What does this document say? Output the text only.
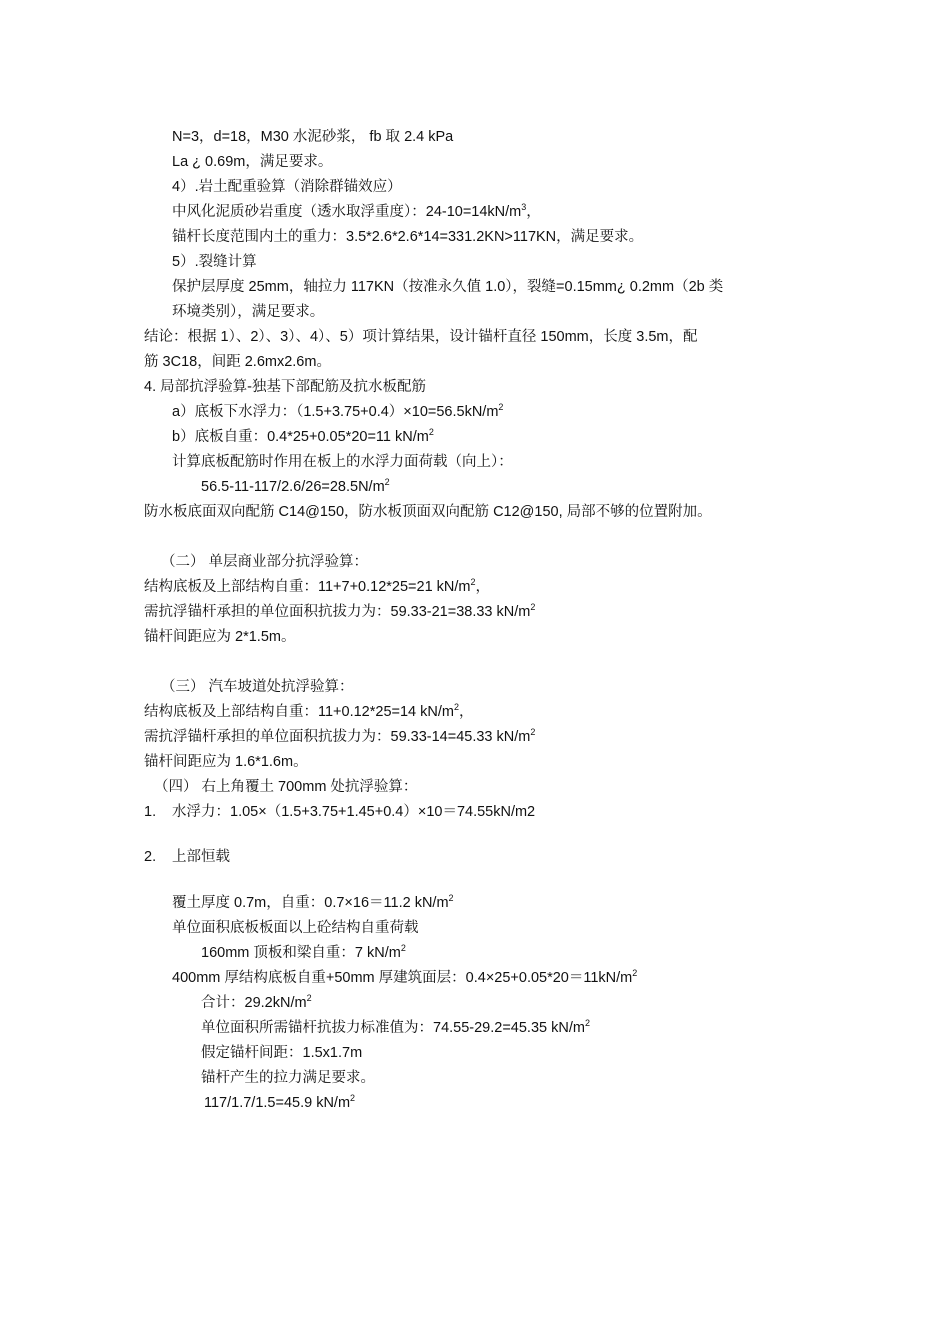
N=3，d=18，M30 水泥砂浆， fb 取 2.4 kPa
La ¿ 0.69m，满足要求。
4）.岩土配重验算（消除群锚效应）
中风化泥质砂岩重度（透水取浮重度）：$24-10=14kN/m^3$，
锚杆长度范围内土的重力：3.5*2.6*2.6*14=331.2KN>117KN，满足要求。
5）.裂缝计算
保护层厚度 25mm，轴拉力 117KN（按准永久值 1.0），裂缝=0.15mm¿ 0.2mm（2b 类
环境类别），满足要求。
结论：根据 1）、2）、3）、4）、5）项计算结果，设计锚杆直径 150mm，长度 3.5m，配
筋 3C18，间距 2.6mx2.6m。
4. 局部抗浮验算-独基下部配筋及抗水板配筋
a）底板下水浮力：$(1.5+3.75+0.4)\times 10=56.5kN/m^2$
b）底板自重：0.4*25+0.05*20=11 $kN/m^2$
计算底板配筋时作用在板上的水浮力面荷载（向上）：
$56.5-11-117/2.6/26=28.5N/m^2$
防水板底面双向配筋 C14@150，防水板顶面双向配筋 C12@150, 局部不够的位置附加。
（二） 单层商业部分抗浮验算：
结构底板及上部结构自重：11+7+0.12*25=21 $kN/m^2$，
需抗浮锚杆承担的单位面积抗拔力为：59.33-21=38.33 $kN/m^2$
锚杆间距应为 2*1.5m。
（三） 汽车坡道处抗浮验算：
结构底板及上部结构自重：11+0.12*25=14 $kN/m^2$，
需抗浮锚杆承担的单位面积抗拔力为：59.33-14=45.33 $kN/m^2$
锚杆间距应为 1.6*1.6m。
（四） 右上角覆土 700mm 处抗浮验算：
1. 水浮力：1.05×（1.5+3.75+1.45+0.4）×10＝74.55kN/m2
2. 上部恒载
覆土厚度 0.7m，自重：0.7×16＝11.2 $kN/m^2$
单位面积底板板面以上砼结构自重荷载
160mm 顶板和梁自重：7 $kN/m^2$
400mm 厚结构底板自重+50mm 厚建筑面层：$0.4\times 25+0.05*20=11kN/m^2$
合计：$29.2kN/m^2$
单位面积所需锚杆抗拔力标准值为：74.55-29.2=45.35 $kN/m^2$
假定锚杆间距：1.5x1.7m
锚杆产生的拉力满足要求。
117/1.7/1.5=45.9 $kN/m^2$
